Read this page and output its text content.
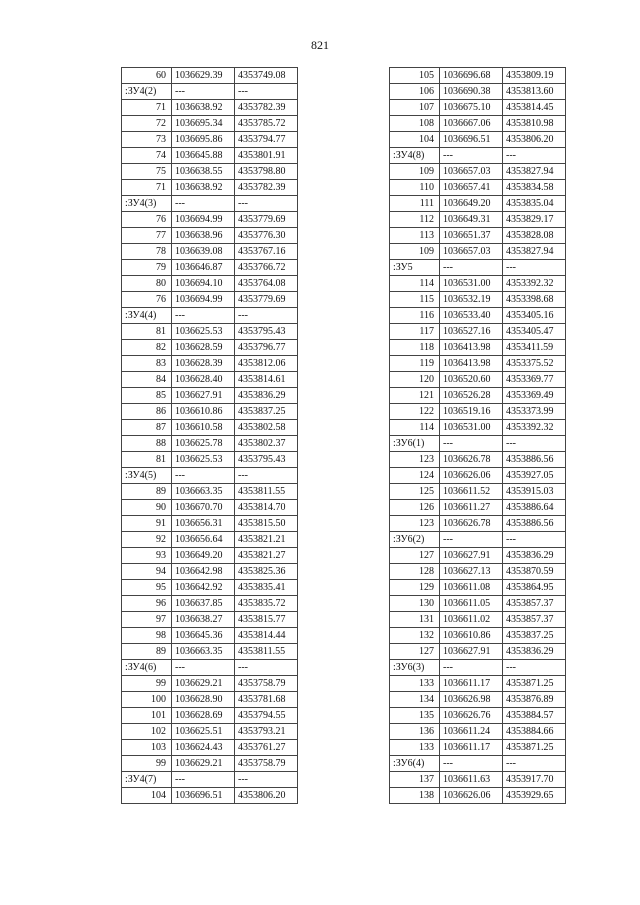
821
60	1036629.39	4353749.08
:ЗУ4(2)	---	---
71	1036638.92	4353782.39
72	1036695.34	4353785.72
73	1036695.86	4353794.77
74	1036645.88	4353801.91
75	1036638.55	4353798.80
71	1036638.92	4353782.39
:ЗУ4(3)	---	---
76	1036694.99	4353779.69
77	1036638.96	4353776.30
78	1036639.08	4353767.16
79	1036646.87	4353766.72
80	1036694.10	4353764.08
76	1036694.99	4353779.69
:ЗУ4(4)	---	---
81	1036625.53	4353795.43
82	1036628.59	4353796.77
83	1036628.39	4353812.06
84	1036628.40	4353814.61
85	1036627.91	4353836.29
86	1036610.86	4353837.25
87	1036610.58	4353802.58
88	1036625.78	4353802.37
81	1036625.53	4353795.43
:ЗУ4(5)	---	---
89	1036663.35	4353811.55
90	1036670.70	4353814.70
91	1036656.31	4353815.50
92	1036656.64	4353821.21
93	1036649.20	4353821.27
94	1036642.98	4353825.36
95	1036642.92	4353835.41
96	1036637.85	4353835.72
97	1036638.27	4353815.77
98	1036645.36	4353814.44
89	1036663.35	4353811.55
:ЗУ4(6)	---	---
99	1036629.21	4353758.79
100	1036628.90	4353781.68
101	1036628.69	4353794.55
102	1036625.51	4353793.21
103	1036624.43	4353761.27
99	1036629.21	4353758.79
:ЗУ4(7)	---	---
104	1036696.51	4353806.20
105	1036696.68	4353809.19
106	1036690.38	4353813.60
107	1036675.10	4353814.45
108	1036667.06	4353810.98
104	1036696.51	4353806.20
:ЗУ4(8)	---	---
109	1036657.03	4353827.94
110	1036657.41	4353834.58
111	1036649.20	4353835.04
112	1036649.31	4353829.17
113	1036651.37	4353828.08
109	1036657.03	4353827.94
:ЗУ5	---	---
114	1036531.00	4353392.32
115	1036532.19	4353398.68
116	1036533.40	4353405.16
117	1036527.16	4353405.47
118	1036413.98	4353411.59
119	1036413.98	4353375.52
120	1036520.60	4353369.77
121	1036526.28	4353369.49
122	1036519.16	4353373.99
114	1036531.00	4353392.32
:ЗУ6(1)	---	---
123	1036626.78	4353886.56
124	1036626.06	4353927.05
125	1036611.52	4353915.03
126	1036611.27	4353886.64
123	1036626.78	4353886.56
:ЗУ6(2)	---	---
127	1036627.91	4353836.29
128	1036627.13	4353870.59
129	1036611.08	4353864.95
130	1036611.05	4353857.37
131	1036611.02	4353857.37
132	1036610.86	4353837.25
127	1036627.91	4353836.29
:ЗУ6(3)	---	---
133	1036611.17	4353871.25
134	1036626.98	4353876.89
135	1036626.76	4353884.57
136	1036611.24	4353884.66
133	1036611.17	4353871.25
:ЗУ6(4)	---	---
137	1036611.63	4353917.70
138	1036626.06	4353929.65
